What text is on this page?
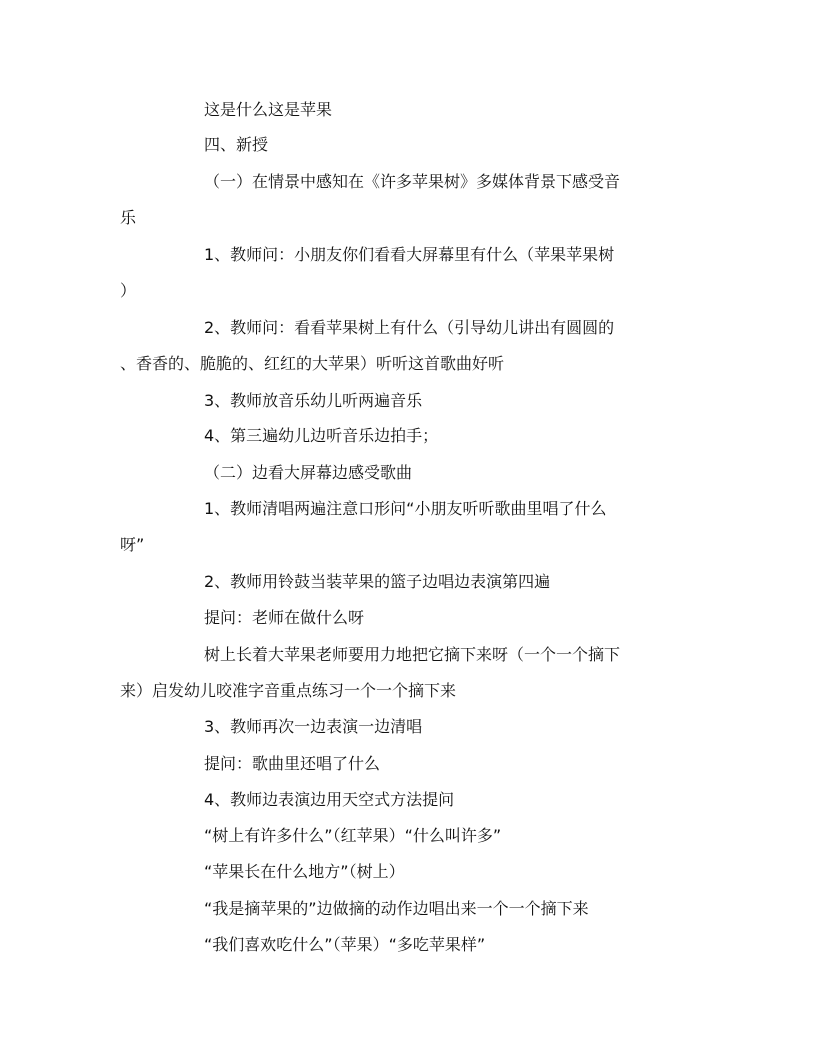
这是什么这是苹果
四、新授
（一）在情景中感知在《许多苹果树》多媒体背景下感受音
乐
1、教师问：小朋友你们看看大屏幕里有什么（苹果苹果树
）
2、教师问：看看苹果树上有什么（引导幼儿讲出有圆圆的
、香香的、脆脆的、红红的大苹果）听听这首歌曲好听
3、教师放音乐幼儿听两遍音乐
4、第三遍幼儿边听音乐边拍手；
（二）边看大屏幕边感受歌曲
1、教师清唱两遍注意口形问“小朋友听听歌曲里唱了什么
呀”
2、教师用铃鼓当装苹果的篮子边唱边表演第四遍
提问：老师在做什么呀
树上长着大苹果老师要用力地把它摘下来呀（一个一个摘下
来）启发幼儿咬准字音重点练习一个一个摘下来
3、教师再次一边表演一边清唱
提问：歌曲里还唱了什么
4、教师边表演边用天空式方法提问
“树上有许多什么”（红苹果）“什么叫许多”
“苹果长在什么地方”（树上）
“我是摘苹果的”边做摘的动作边唱出来一个一个摘下来
“我们喜欢吃什么”（苹果）“多吃苹果样”
